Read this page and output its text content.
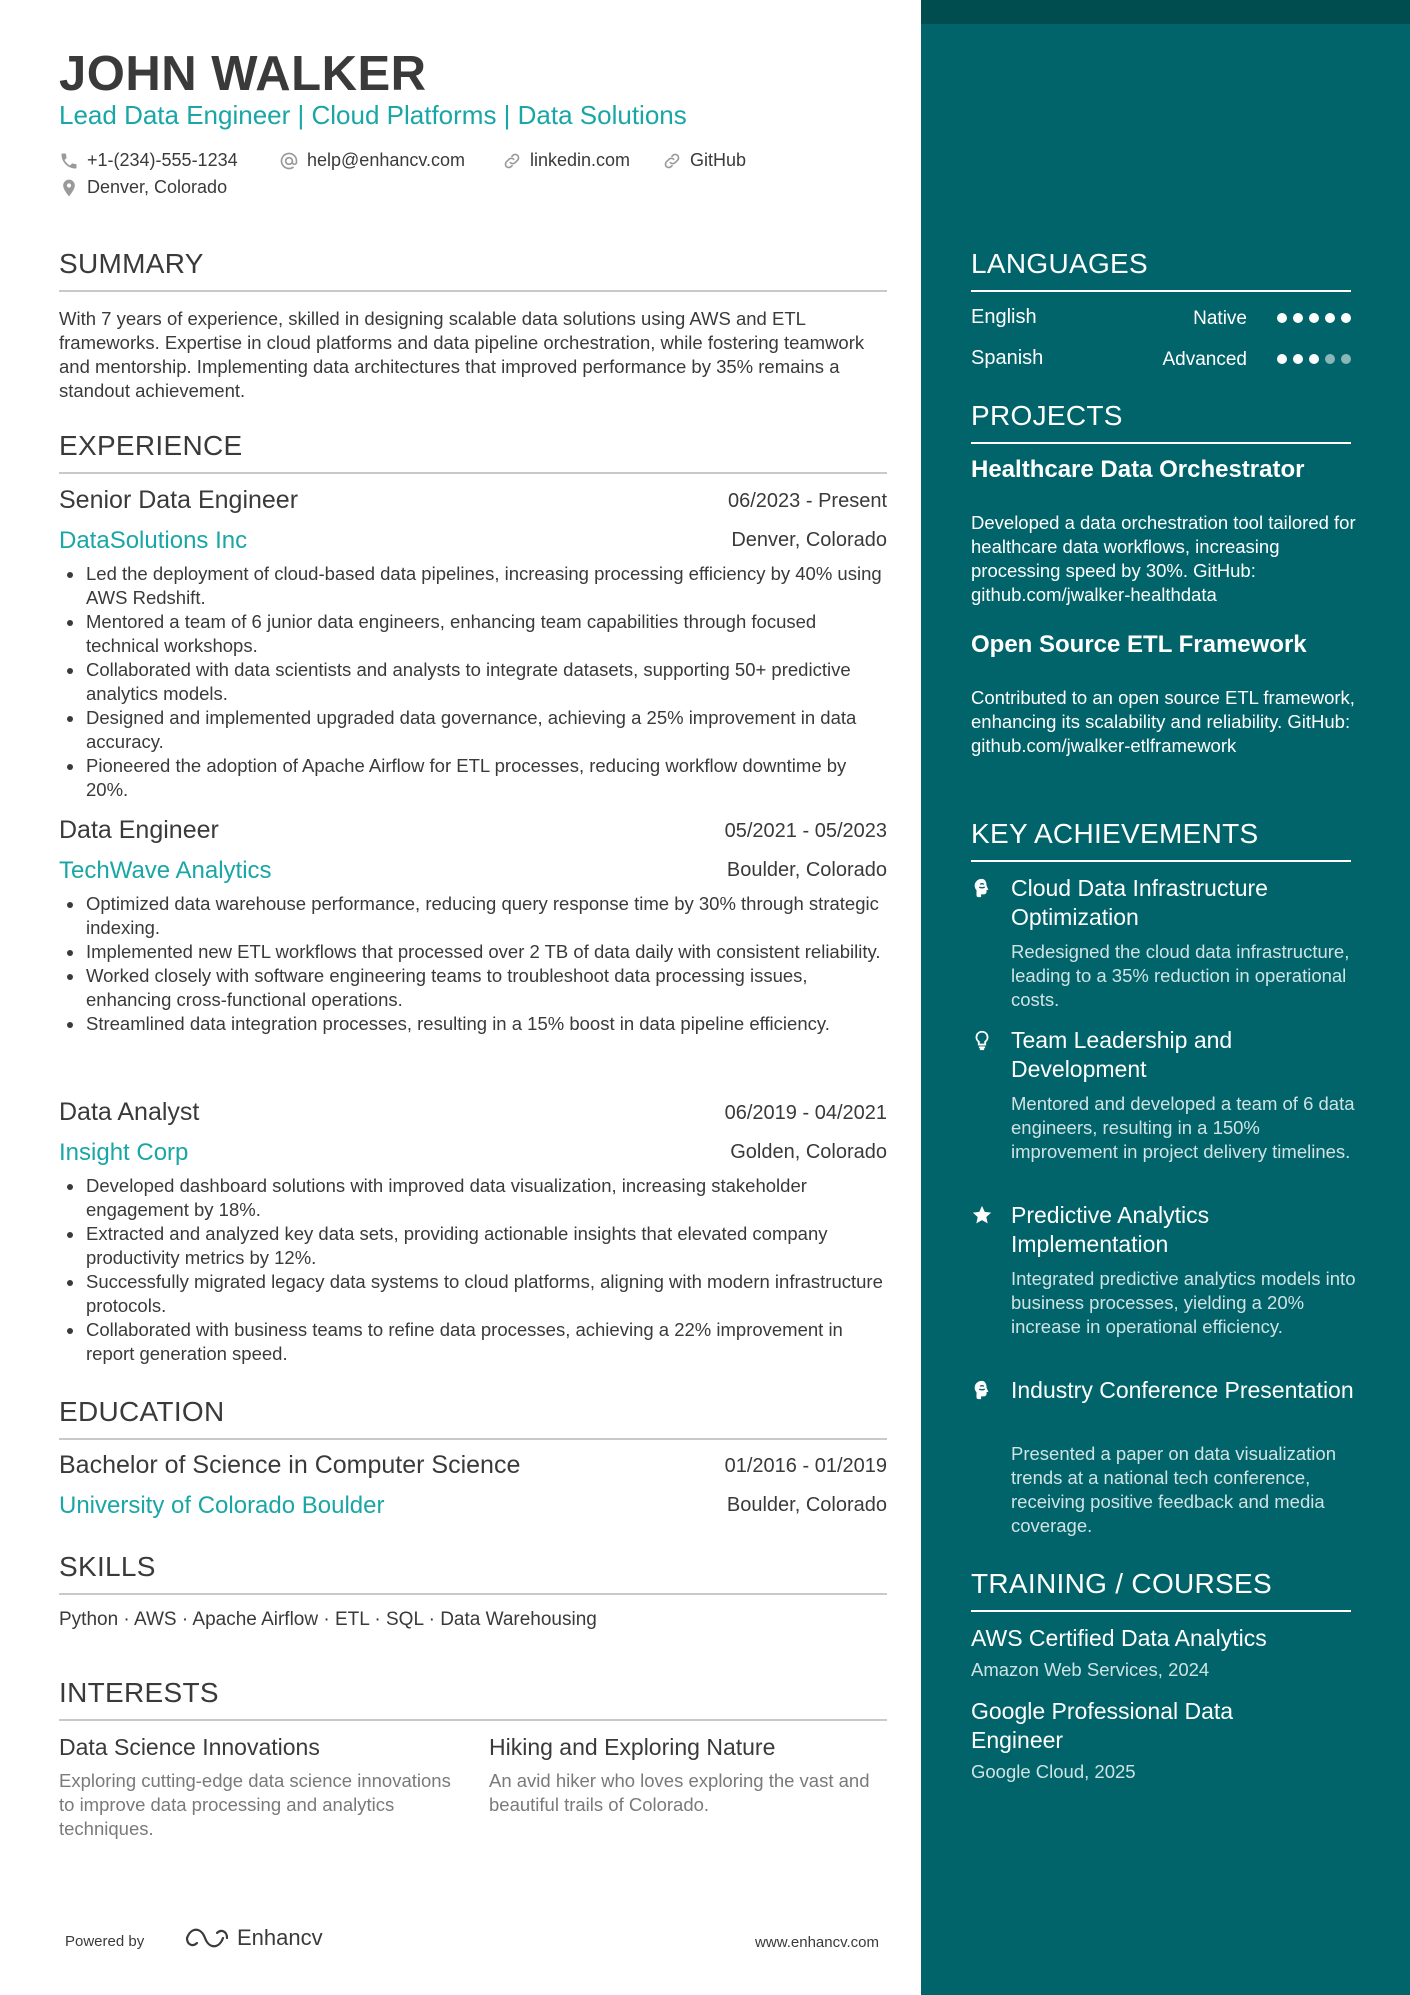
JOHN WALKER
Lead Data Engineer | Cloud Platforms | Data Solutions
+1-(234)-555-1234	help@enhancv.com	linkedin.com	GitHub
Denver, Colorado
SUMMARY
With 7 years of experience, skilled in designing scalable data solutions using AWS and ETL frameworks. Expertise in cloud platforms and data pipeline orchestration, while fostering teamwork and mentorship. Implementing data architectures that improved performance by 35% remains a standout achievement.
EXPERIENCE
Senior Data Engineer	06/2023 - Present
DataSolutions Inc	Denver, Colorado
Led the deployment of cloud-based data pipelines, increasing processing efficiency by 40% using AWS Redshift.
Mentored a team of 6 junior data engineers, enhancing team capabilities through focused technical workshops.
Collaborated with data scientists and analysts to integrate datasets, supporting 50+ predictive analytics models.
Designed and implemented upgraded data governance, achieving a 25% improvement in data accuracy.
Pioneered the adoption of Apache Airflow for ETL processes, reducing workflow downtime by 20%.
Data Engineer	05/2021 - 05/2023
TechWave Analytics	Boulder, Colorado
Optimized data warehouse performance, reducing query response time by 30% through strategic indexing.
Implemented new ETL workflows that processed over 2 TB of data daily with consistent reliability.
Worked closely with software engineering teams to troubleshoot data processing issues, enhancing cross-functional operations.
Streamlined data integration processes, resulting in a 15% boost in data pipeline efficiency.
Data Analyst	06/2019 - 04/2021
Insight Corp	Golden, Colorado
Developed dashboard solutions with improved data visualization, increasing stakeholder engagement by 18%.
Extracted and analyzed key data sets, providing actionable insights that elevated company productivity metrics by 12%.
Successfully migrated legacy data systems to cloud platforms, aligning with modern infrastructure protocols.
Collaborated with business teams to refine data processes, achieving a 22% improvement in report generation speed.
EDUCATION
Bachelor of Science in Computer Science	01/2016 - 01/2019
University of Colorado Boulder	Boulder, Colorado
SKILLS
Python · AWS · Apache Airflow · ETL · SQL · Data Warehousing
INTERESTS
Data Science Innovations
Exploring cutting-edge data science innovations to improve data processing and analytics techniques.
Hiking and Exploring Nature
An avid hiker who loves exploring the vast and beautiful trails of Colorado.
Powered by	Enhancv	www.enhancv.com
LANGUAGES
English	Native
Spanish	Advanced
PROJECTS
Healthcare Data Orchestrator
Developed a data orchestration tool tailored for healthcare data workflows, increasing processing speed by 30%. GitHub: github.com/jwalker-healthdata
Open Source ETL Framework
Contributed to an open source ETL framework, enhancing its scalability and reliability. GitHub: github.com/jwalker-etlframework
KEY ACHIEVEMENTS
Cloud Data Infrastructure Optimization
Redesigned the cloud data infrastructure, leading to a 35% reduction in operational costs.
Team Leadership and Development
Mentored and developed a team of 6 data engineers, resulting in a 150% improvement in project delivery timelines.
Predictive Analytics Implementation
Integrated predictive analytics models into business processes, yielding a 20% increase in operational efficiency.
Industry Conference Presentation
Presented a paper on data visualization trends at a national tech conference, receiving positive feedback and media coverage.
TRAINING / COURSES
AWS Certified Data Analytics
Amazon Web Services, 2024
Google Professional Data Engineer
Google Cloud, 2025
